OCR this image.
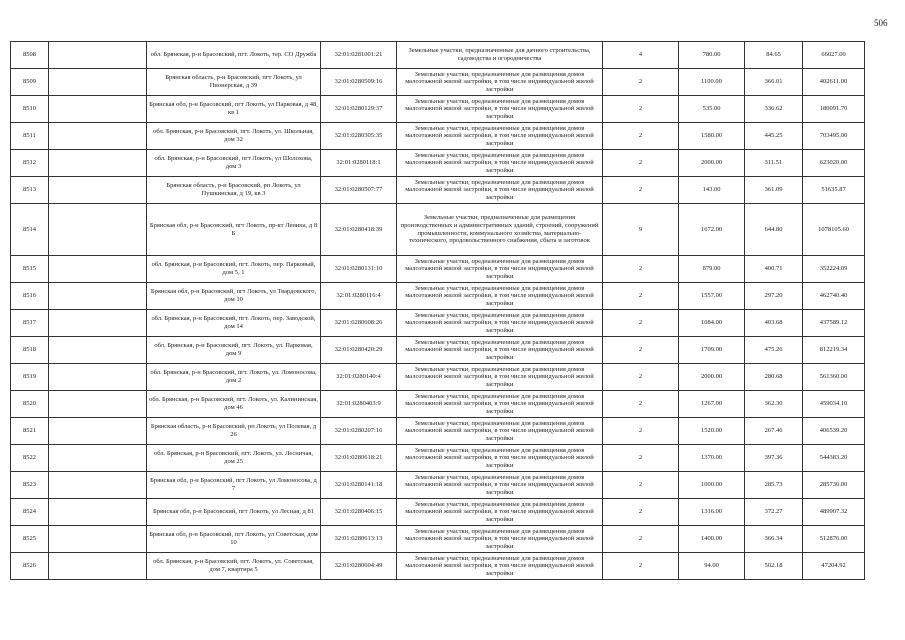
506
8508		обл. Брянская, р-н Брасовский, пгт. Локоть, тер. СО Дружба	32:01:0281001:21	Земельные участки, предназначенные для дачного строительства, садоводства и огородничества	4	780.00	84.65	66027.00
8509		Брянская область, р-н Брасовский, пгт Локоть, ул Пионерская, д 39	32:01:0280509:16	Земельные участки, предназначенные для размещения домов малоэтажной жилой застройки, в том числе индивидуальной жилой застройки	2	1100.00	366.01	402611.00
8510		Брянская обл, р-н Брасовский, пгт Локоть, ул Парковая, д 48, кв 1	32:01:0280129:37	Земельные участки, предназначенные для размещения домов малоэтажной жилой застройки, в том числе индивидуальной жилой застройки	2	535.00	336.62	180091.70
8511		обл. Брянская, р-н Брасовский, пгт. Локоть, ул. Школьная, дом 32	32:01:0280305:35	Земельные участки, предназначенные для размещения домов малоэтажной жилой застройки, в том числе индивидуальной жилой застройки	2	1580.00	445.25	703495.00
8512		обл. Брянская, р-н Брасовский, пгт Локоть, ул Шолохова, дом 3	32:01:0280118:1	Земельные участки, предназначенные для размещения домов малоэтажной жилой застройки, в том числе индивидуальной жилой застройки	2	2000.00	311.51	623020.00
8513		Брянская область, р-н Брасовский, рп Локоть, ул Пушкинская, д 19, кв 3	32:01:0280507:77	Земельные участки, предназначенные для размещения домов малоэтажной жилой застройки, в том числе индивидуальной жилой застройки	2	143.00	361.09	51635.87
8514		Брянская обл, р-н Брасовский, пгт Локоть, пр-кт Ленина, д 8 Б	32:01:0280418:39	Земельные участки, предназначенные для размещения производственных и административных зданий, строений, сооружений промышленности, коммунального хозяйства, материально-технического, продовольственного снабжения, сбыта и заготовок	9	1672.00	644.80	1078105.60
8515		обл. Брянская, р-н Брасовский, пгт. Локоть, пер. Парковый, дом 5, 1	32:01:0280131:10	Земельные участки, предназначенные для размещения домов малоэтажной жилой застройки, в том числе индивидуальной жилой застройки	2	879.00	400.71	352224.09
8516		Брянская обл, р-н Брасовский, пгт Локоть, ул Твардовского, дом 10	32:01:0280116:4	Земельные участки, предназначенные для размещения домов малоэтажной жилой застройки, в том числе индивидуальной жилой застройки	2	1557.00	297.20	462740.40
8517		обл. Брянская, р-н Брасовский, пгт. Локоть, пер. Заводской, дом 14	32:01:0280608:26	Земельные участки, предназначенные для размещения домов малоэтажной жилой застройки, в том числе индивидуальной жилой застройки	2	1084.00	403.68	437589.12
8518		обл. Брянская, р-н Брасовский, пгт. Локоть, ул. Парковая, дом 9	32:01:0280420:29	Земельные участки, предназначенные для размещения домов малоэтажной жилой застройки, в том числе индивидуальной жилой застройки	2	1709.00	475.26	812219.34
8519		обл. Брянская, р-н Брасовский, пгт. Локоть, ул. Ломоносова, дом 2	32:01:0280140:4	Земельные участки, предназначенные для размещения домов малоэтажной жилой застройки, в том числе индивидуальной жилой застройки	2	2000.00	280.68	561360.00
8520		обл. Брянская, р-н Брасовский, пгт. Локоть, ул. Калининская, дом 46	32:01:0280403:9	Земельные участки, предназначенные для размещения домов малоэтажной жилой застройки, в том числе индивидуальной жилой застройки	2	1267.00	362.30	459034.10
8521		Брянская область, р-н Брасовский, рп Локоть, ул Полевая, д 26	32:01:0280207:16	Земельные участки, предназначенные для размещения домов малоэтажной жилой застройки, в том числе индивидуальной жилой застройки	2	1520.00	267.46	406539.20
8522		обл. Брянская, р-н Брасовский, пгт. Локоть, ул. Лесничая, дом 25	32:01:0280618:21	Земельные участки, предназначенные для размещения домов малоэтажной жилой застройки, в том числе индивидуальной жилой застройки	2	1370.00	397.36	544383.20
8523		Брянская обл, р-н Брасовский, пгт Локоть, ул Ломоносова, д 7	32:01:0280141:18	Земельные участки, предназначенные для размещения домов малоэтажной жилой застройки, в том числе индивидуальной жилой застройки	2	1000.00	285.73	285730.00
8524		Брянская обл, р-н Брасовский, пгт Локоть, ул Лесная, д 81	32:01:0280406:15	Земельные участки, предназначенные для размещения домов малоэтажной жилой застройки, в том числе индивидуальной жилой застройки	2	1316.00	372.27	489907.32
8525		Брянская обл, р-н Брасовский, пгт Локоть, ул Советская, дом 10	32:01:0280613:13	Земельные участки, предназначенные для размещения домов малоэтажной жилой застройки, в том числе индивидуальной жилой застройки	2	1400.00	366.34	512876.00
8526		обл. Брянская, р-н Брасовский, пгт. Локоть, ул. Советская, дом 7, квартира 5	32:01:0280604:49	Земельные участки, предназначенные для размещения домов малоэтажной жилой застройки, в том числе индивидуальной жилой застройки	2	94.00	502.18	47204.92
